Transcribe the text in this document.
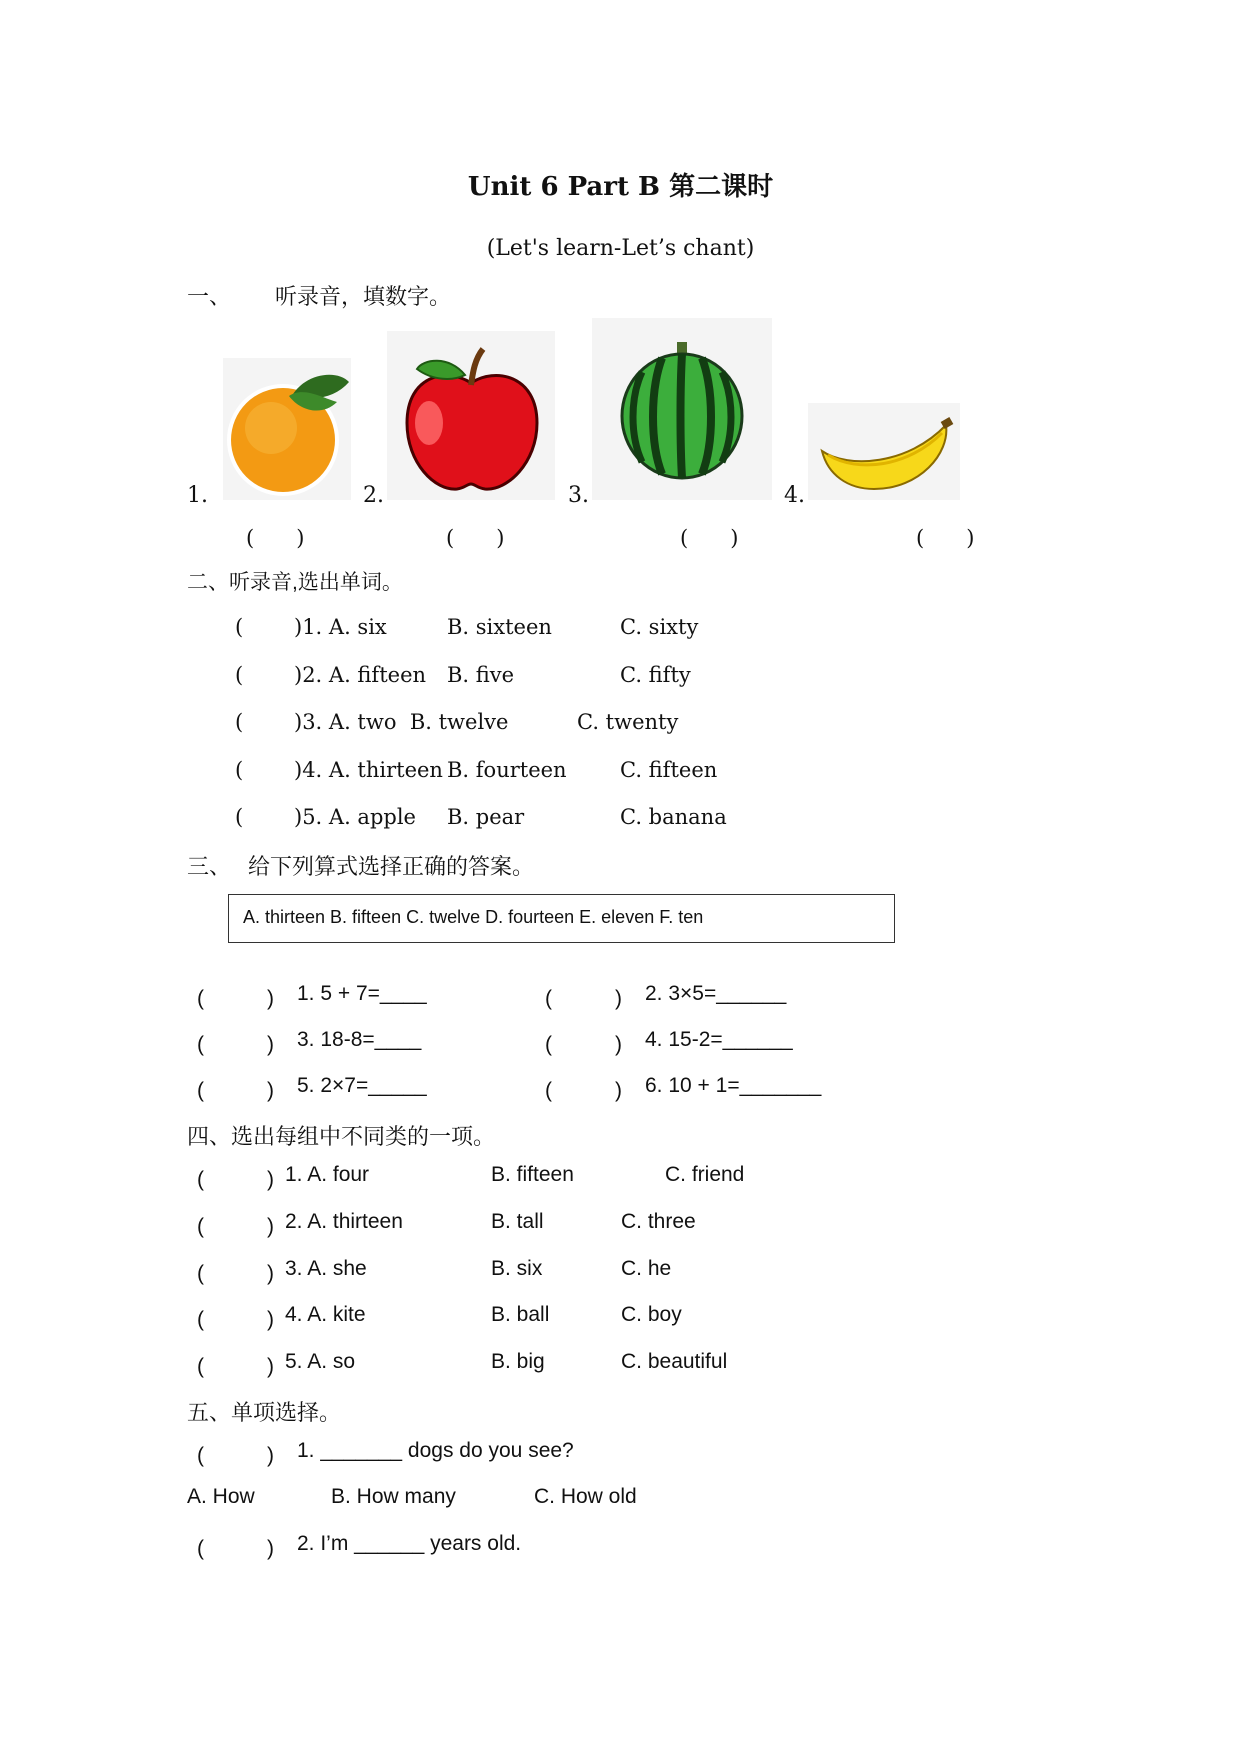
Unit 6 Part B 第二课时
(Let's learn-Let’s chant)
一、 听录音，填数字。
1.	2.	3.	4.
(　　)	(　　)	(　　)	(　　)
二、听录音,选出单词。
( )1. A. six	B. sixteen	C. sixty
( )2. A. fifteen B. five	C. fifty
( )3. A. two  B. twelve	C. twenty
( )4. A. thirteen B. fourteen	C. fifteen
( )5. A. apple B. pear	C. banana
三、 给下列算式选择正确的答案。
A. thirteen B. fifteen C. twelve D. fourteen E. eleven F. ten
(　　　) 1. 5 + 7=____	(　　　) 2. 3×5=______
(　　　) 3. 18-8=____	(　　　) 4. 15-2=______
(　　　) 5. 2×7=_____	(　　　) 6. 10 + 1=_______
四、选出每组中不同类的一项。
(　　　) 1. A. four	B. fifteen	C. friend
(　　　) 2. A. thirteen	B. tall	C. three
(　　　) 3. A. she	B. six	C. he
(　　　) 4. A. kite	B. ball	C. boy
(　　　) 5. A. so	B. big	C. beautiful
五、单项选择。
(　　　) 1. _______ dogs do you see?
A. How	B. How many	C. How old
(　　　) 2. I’m ______ years old.
